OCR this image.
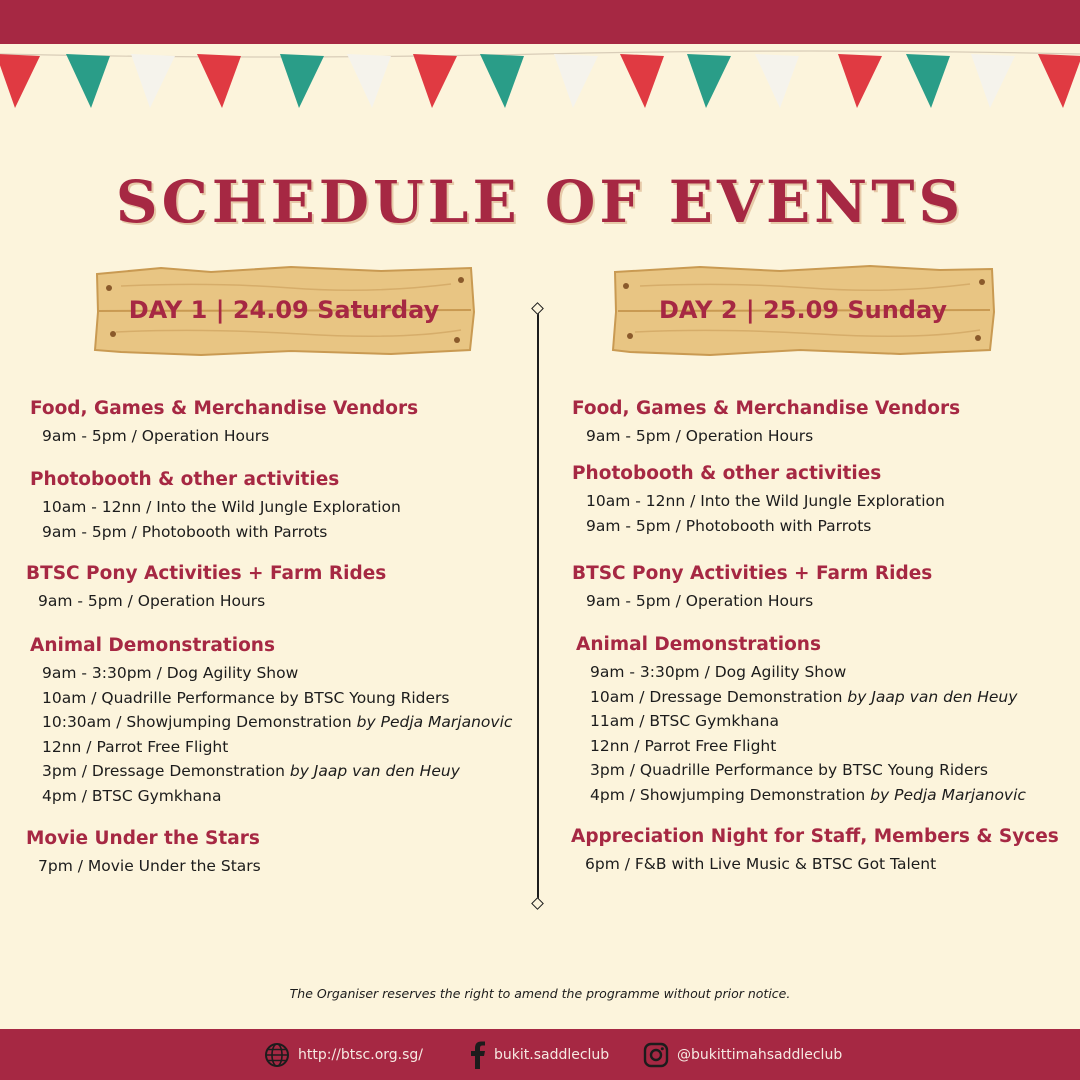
SCHEDULE OF EVENTS
DAY 1 | 24.09 Saturday	DAY 2 | 25.09 Sunday
Food, Games & Merchandise Vendors
9am - 5pm / Operation Hours
Photobooth & other activities
10am - 12nn / Into the Wild Jungle Exploration
9am - 5pm / Photobooth with Parrots
BTSC Pony Activities + Farm Rides
9am - 5pm / Operation Hours
Animal Demonstrations
9am - 3:30pm / Dog Agility Show
10am / Quadrille Performance by BTSC Young Riders
10:30am / Showjumping Demonstration by Pedja Marjanovic
12nn / Parrot Free Flight
3pm / Dressage Demonstration by Jaap van den Heuy
4pm / BTSC Gymkhana
Movie Under the Stars
7pm / Movie Under the Stars
Food, Games & Merchandise Vendors
9am - 5pm / Operation Hours
Photobooth & other activities
10am - 12nn / Into the Wild Jungle Exploration
9am - 5pm / Photobooth with Parrots
BTSC Pony Activities + Farm Rides
9am - 5pm / Operation Hours
Animal Demonstrations
9am - 3:30pm / Dog Agility Show
10am / Dressage Demonstration by Jaap van den Heuy
11am / BTSC Gymkhana
12nn / Parrot Free Flight
3pm / Quadrille Performance by BTSC Young Riders
4pm / Showjumping Demonstration by Pedja Marjanovic
Appreciation Night for Staff, Members & Syces
6pm / F&B with Live Music & BTSC Got Talent
The Organiser reserves the right to amend the programme without prior notice.
http://btsc.org.sg/	bukit.saddleclub	@bukittimahsaddleclub
